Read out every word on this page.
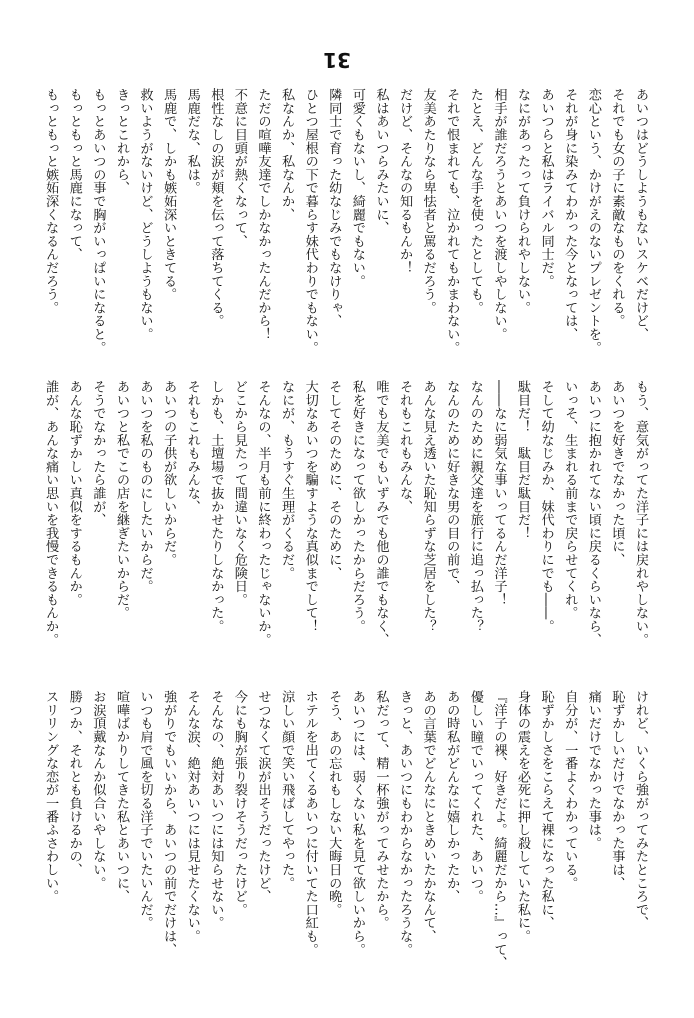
31
あいつはどうしようもないスケベだけど、
それでも女の子に素敵なものをくれる。
恋心という、かけがえのないプレゼントを。
それが身に染みてわかった今となっては、
あいつらと私はライバル同士だ。
なにがあったって負けられやしない。
相手が誰だろうとあいつを渡しやしない。
たとえ、どんな手を使ったとしても。
それで恨まれても、泣かれてもかまわない。
友美あたりなら卑怯者と罵るだろう。
だけど、そんなの知るもんか！
私はあいつらみたいに、
可愛くもないし、綺麗でもない。
隣同士で育った幼なじみでもなけりゃ、
ひとつ屋根の下で暮らす妹代わりでもない。
私なんか、私なんか、
ただの喧嘩友達でしかなかったんだから！
不意に目頭が熱くなって、
根性なしの涙が頬を伝って落ちてくる。
馬鹿だな、私は。
馬鹿で、しかも嫉妬深いときてる。
救いようがないけど、どうしようもない。
きっとこれから、
もっとあいつの事で胸がいっぱいになると。
もっともっと馬鹿になって、
もっともっと嫉妬深くなるんだろう。
もう、意気がってた洋子には戻れやしない。
あいつを好きでなかった頃に、
あいつに抱かれてない頃に戻るくらいなら、
いっそ、生まれる前まで戻らせてくれ。
そして幼なじみか、妹代わりにでも――。
駄目だ！　駄目だ駄目だ！
――なに弱気な事いってるんだ洋子！
なんのために親父達を旅行に追っ払った？
なんのために好きな男の目の前で、
あんな見え透いた恥知らずな芝居をした？
それもこれもみんな、
唯でも友美でもいずみでも他の誰でもなく、
私を好きになって欲しかったからだろう。
そしてそのために、そのために、
大切なあいつを騙すような真似までして！
なにが、もうすぐ生理がくるだ。
そんなの、半月も前に終わったじゃないか。
どこから見たって間違いなく危険日。
しかも、土壇場で抜かせたりしなかった。
それもこれもみんな、
あいつの子供が欲しいからだ。
あいつを私のものにしたいからだ。
あいつと私でこの店を継ぎたいからだ。
そうでなかったら誰が、
あんな恥ずかしい真似をするもんか。
誰が、あんな痛い思いを我慢できるもんか。
けれど、いくら強がってみたところで、
恥ずかしいだけでなかった事は、
痛いだけでなかった事は。
自分が、一番よくわかっている。
恥ずかしさをこらえて裸になった私に、
身体の震えを必死に押し殺していた私に。
『洋子の裸、好きだよ。綺麗だから…』って、
優しい瞳でいってくれた、あいつ。
あの時私がどんなに嬉しかったか、
あの言葉でどんなにときめいたかなんて、
きっと、あいつにもわからなかったろうな。
私だって、精一杯強がってみせたから。
あいつには、弱くない私を見て欲しいから。
そう、あの忘れもしない大晦日の晩。
ホテルを出てくるあいつに付いてた口紅も。
涼しい顔で笑い飛ばしてやった。
せつなくて涙が出そうだったけど、
今にも胸が張り裂けそうだったけど。
そんなの、絶対あいつには知らせない。
そんな涙、絶対あいつには見せたくない。
強がりでもいいから、あいつの前でだけは、
いつも肩で風を切る洋子でいたいんだ。
喧嘩ばかりしてきた私とあいつに、
お涙頂戴なんか似合いやしない。
勝つか、それとも負けるかの、
スリリングな恋が一番ふさわしい。
